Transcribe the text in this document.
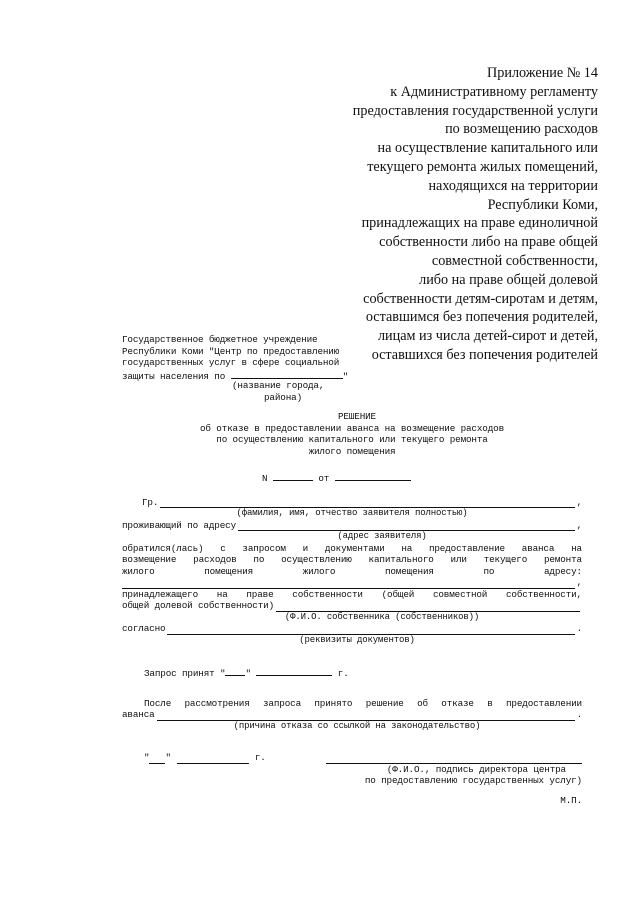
Приложение № 14
к Административному регламенту
предоставления государственной услуги
по возмещению расходов
на осуществление капитального или
текущего ремонта жилых помещений,
находящихся на территории
Республики Коми,
принадлежащих на праве единоличной
собственности либо на праве общей
совместной собственности,
либо на праве общей долевой
собственности детям-сиротам и детям,
оставшимся без попечения родителей,
лицам из числа детей-сирот и детей,
оставшихся без попечения родителей
Государственное бюджетное учреждение
Республики Коми "Центр по предоставлению
государственных услуг в сфере социальной
защиты населения по	"
(название города,
района)
РЕШЕНИЕ
об отказе в предоставлении аванса на возмещение расходов
по осуществлению капитального или текущего ремонта
жилого помещения
N	от
Гр.	,
(фамилия, имя, отчество заявителя полностью)
проживающий по адресу	,
(адрес заявителя)
обратился(лась) с запросом и документами на предоставление аванса на
возмещение расходов по осуществлению капитального или текущего ремонта
жилого	помещения	жилого	помещения	по	адресу:
,
принадлежащего на праве собственности (общей совместной собственности,
общей долевой собственности)
(Ф.И.О. собственника (собственников))
согласно	.
(реквизиты документов)
Запрос принят " "	г.
После рассмотрения запроса принято решение об отказе в предоставлении
аванса	.
(причина отказа со ссылкой на законодательство)
" "	г.
(Ф.И.О., подпись директора центра
по предоставлению государственных услуг)
М.П.
